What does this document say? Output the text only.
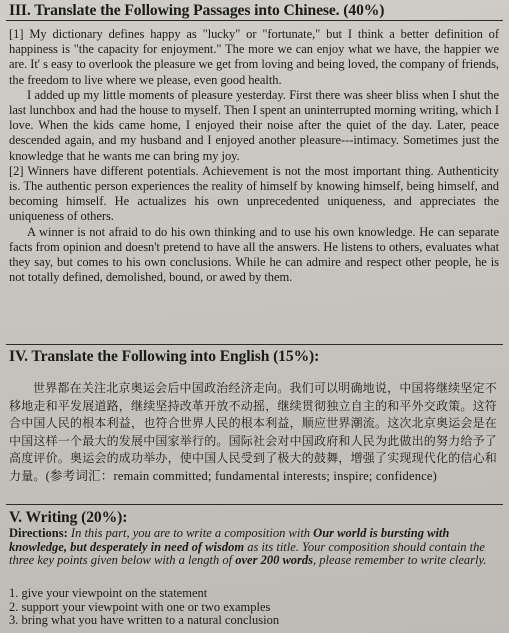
III. Translate the Following Passages into Chinese. (40%)

[1] My dictionary defines happy as "lucky" or "fortunate," but I think a better definition of happiness is "the capacity for enjoyment." The more we can enjoy what we have, the happier we are. It' s easy to overlook the pleasure we get from loving and being loved, the company of friends, the freedom to live where we please, even good health.

I added up my little moments of pleasure yesterday. First there was sheer bliss when I shut the last lunchbox and had the house to myself. Then I spent an uninterrupted morning writing, which I love. When the kids came home, I enjoyed their noise after the quiet of the day. Later, peace descended again, and my husband and I enjoyed another pleasure---intimacy. Sometimes just the knowledge that he wants me can bring my joy.

[2] Winners have different potentials. Achievement is not the most important thing. Authenticity is. The authentic person experiences the reality of himself by knowing himself, being himself, and becoming himself. He actualizes his own unprecedented uniqueness, and appreciates the uniqueness of others.

A winner is not afraid to do his own thinking and to use his own knowledge. He can separate facts from opinion and doesn't pretend to have all the answers. He listens to others, evaluates what they say, but comes to his own conclusions. While he can admire and respect other people, he is not totally defined, demolished, bound, or awed by them.

IV. Translate the Following into English (15%):

世界都在关注北京奥运会后中国政治经济走向。我们可以明确地说，中国将继续坚定不移地走和平发展道路，继续坚持改革开放不动摇，继续贯彻独立自主的和平外交政策。这符合中国人民的根本利益，也符合世界人民的根本利益，顺应世界潮流。这次北京奥运会是在中国这样一个最大的发展中国家举行的。国际社会对中国政府和人民为此做出的努力给予了高度评价。奥运会的成功举办，使中国人民受到了极大的鼓舞，增强了实现现代化的信心和力量。(参考词汇：remain committed; fundamental interests; inspire; confidence)

V. Writing (20%):

Directions: In this part, you are to write a composition with Our world is bursting with knowledge, but desperately in need of wisdom as its title. Your composition should contain the three key points given below with a length of over 200 words, please remember to write clearly.

1. give your viewpoint on the statement
2. support your viewpoint with one or two examples
3. bring what you have written to a natural conclusion
